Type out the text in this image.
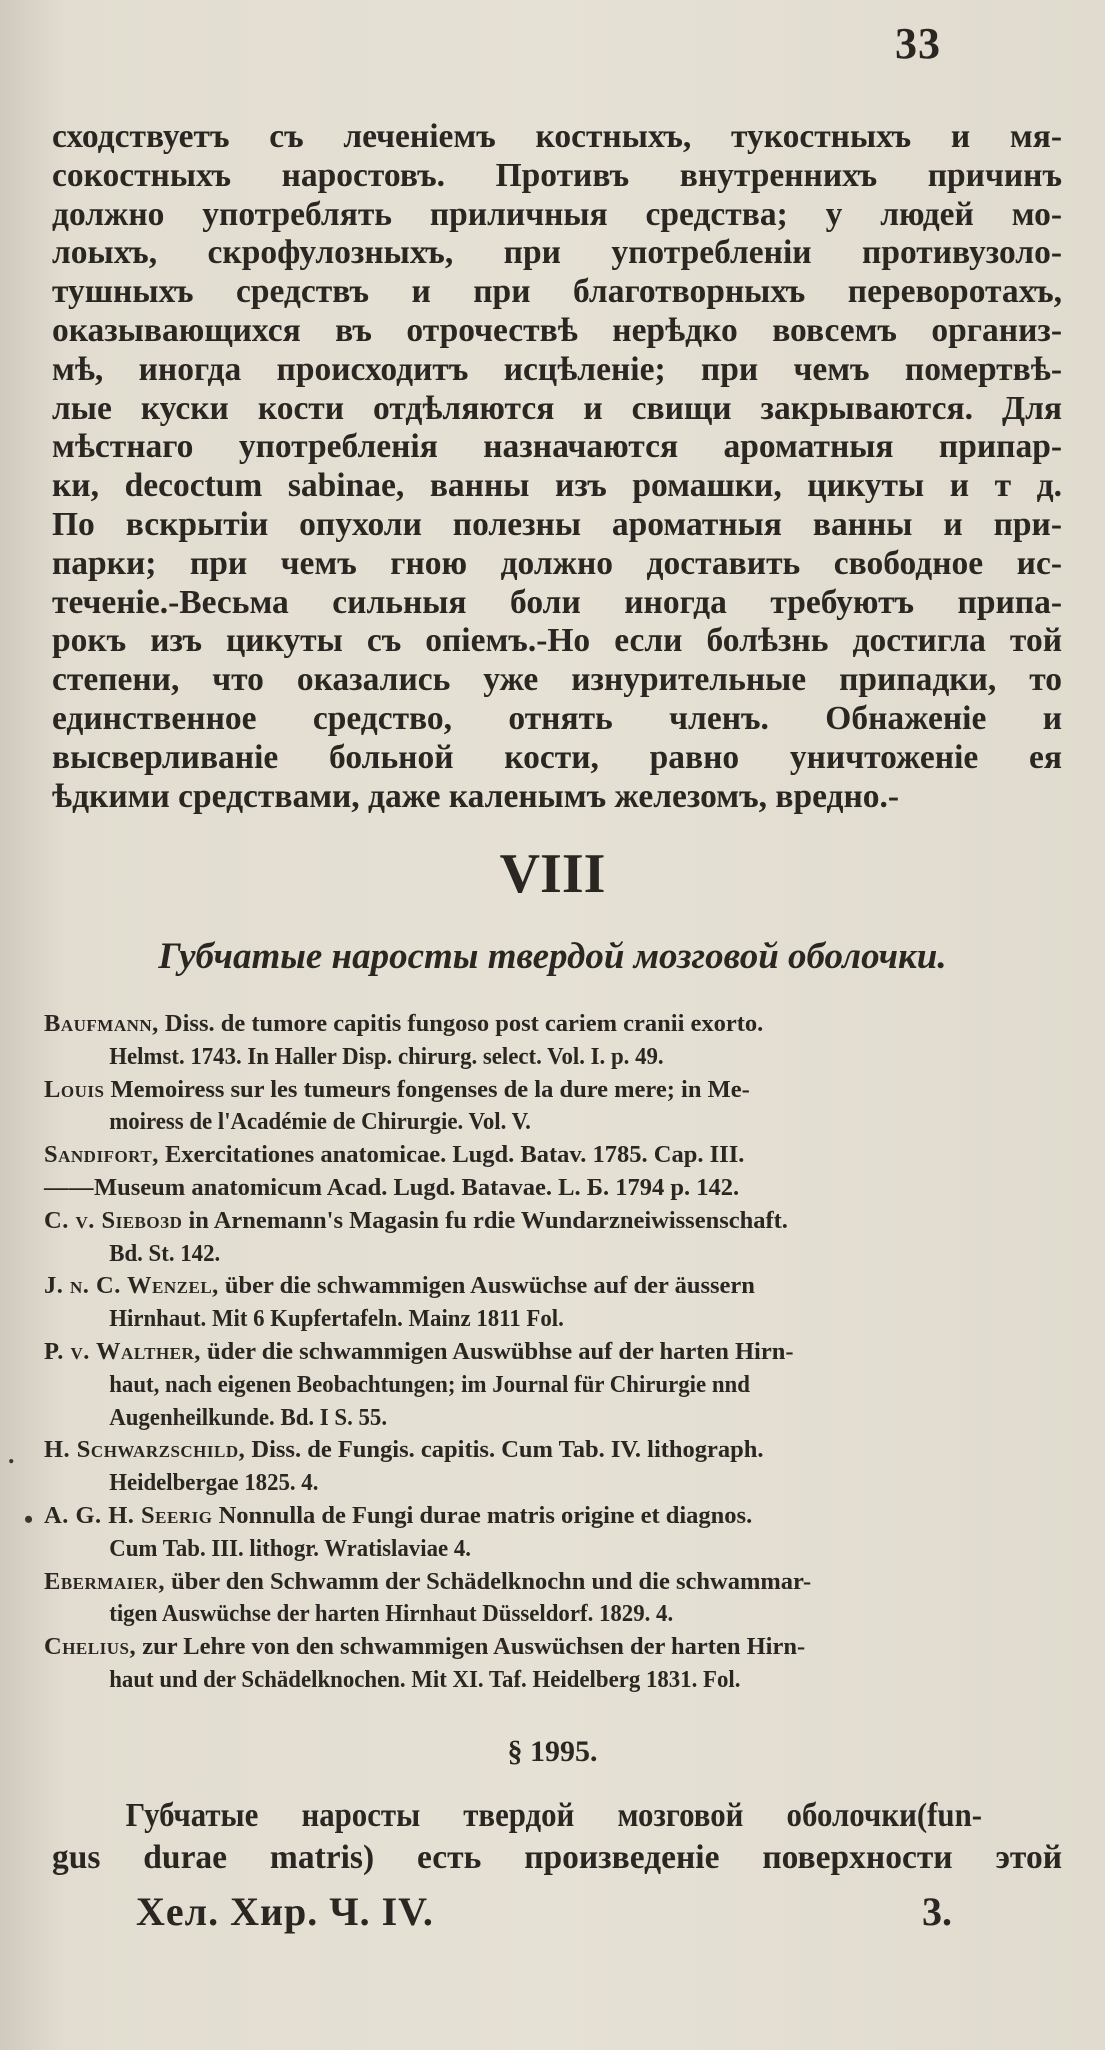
33
сходствуетъ съ леченіемъ костныхъ, тукостныхъ и мя-
сокостныхъ наростовъ. Противъ внутреннихъ причинъ
должно употреблять приличныя средства; у людей мо-
лоыхъ, скрофулозныхъ, при употребленіи противузоло-
тушныхъ средствъ и при благотворныхъ переворотахъ,
оказывающихся въ отрочествѣ нерѣдко вовсемъ организ-
мѣ, иногда происходитъ исцѣленіе; при чемъ помертвѣ-
лые куски кости отдѣляются и свищи закрываются. Для
мѣстнаго употребленія назначаются ароматныя припар-
ки, decoctum sabinae, ванны изъ ромашки, цикуты и т д.
По вскрытіи опухоли полезны ароматныя ванны и при-
парки; при чемъ гною должно доставить свободное ис-
теченіе.-Весьма сильныя боли иногда требуютъ припа-
рокъ изъ цикуты съ опіемъ.-Но если болѣзнь достигла той
степени, что оказались уже изнурительные припадки, то
единственное средство, отнять членъ. Обнаженіе и
высверливаніе больной кости, равно уничтоженіе ея
ѣдкими средствами, даже каленымъ железомъ, вредно.-
VIII
Губчатые наросты твердой мозговой оболочки.
Baufmann, Diss. de tumore capitis fungoso post cariem cranii exorto.
Helmst. 1743. In Haller Disp. chirurg. select. Vol. I. p. 49.
Louis Memoiress sur les tumeurs fongenses de la dure mere; in Me-
moiress de l'Académie de Chirurgie. Vol. V.
Sandifort, Exercitationes anatomicae. Lugd. Batav. 1785. Cap. III.
——Museum anatomicum Acad. Lugd. Batavae. L. Б. 1794 p. 142.
C. v. Sieboзd in Arnemann's Magasin fu rdie Wundarzneiwissenschaft.
Bd. St. 142.
J. n. C. Wenzel, über die schwammigen Auswüchse auf der äussern
Hirnhaut. Mit 6 Kupfertafeln. Mainz 1811 Fol.
P. v. Walther, üder die schwammigen Auswübhse auf der harten Hirn-
haut, nach eigenen Beobachtungen; im Journal für Chirurgie nnd
Augenheilkunde. Bd. I S. 55.
H. Schwarzschild, Diss. de Fungis. capitis. Cum Tab. IV. lithograph.
Heidelbergae 1825. 4.
A. G. H. Seerig Nonnulla de Fungi durae matris origine et diagnos.
Cum Tab. III. lithogr. Wratislaviae 4.
Ebermaier, über den Schwamm der Schädelknochn und die schwammar-
tigen Auswüchse der harten Hirnhaut Düsseldorf. 1829. 4.
Chelius, zur Lehre von den schwammigen Auswüchsen der harten Hirn-
haut und der Schädelknochen. Mit XI. Taf. Heidelberg 1831. Fol.
.
•
§ 1995.
Губчатые наросты твердой мозговой оболочки(fun-
gus durae matris) есть произведеніе поверхности этой
Хел. Хир. Ч. IV.	3.
